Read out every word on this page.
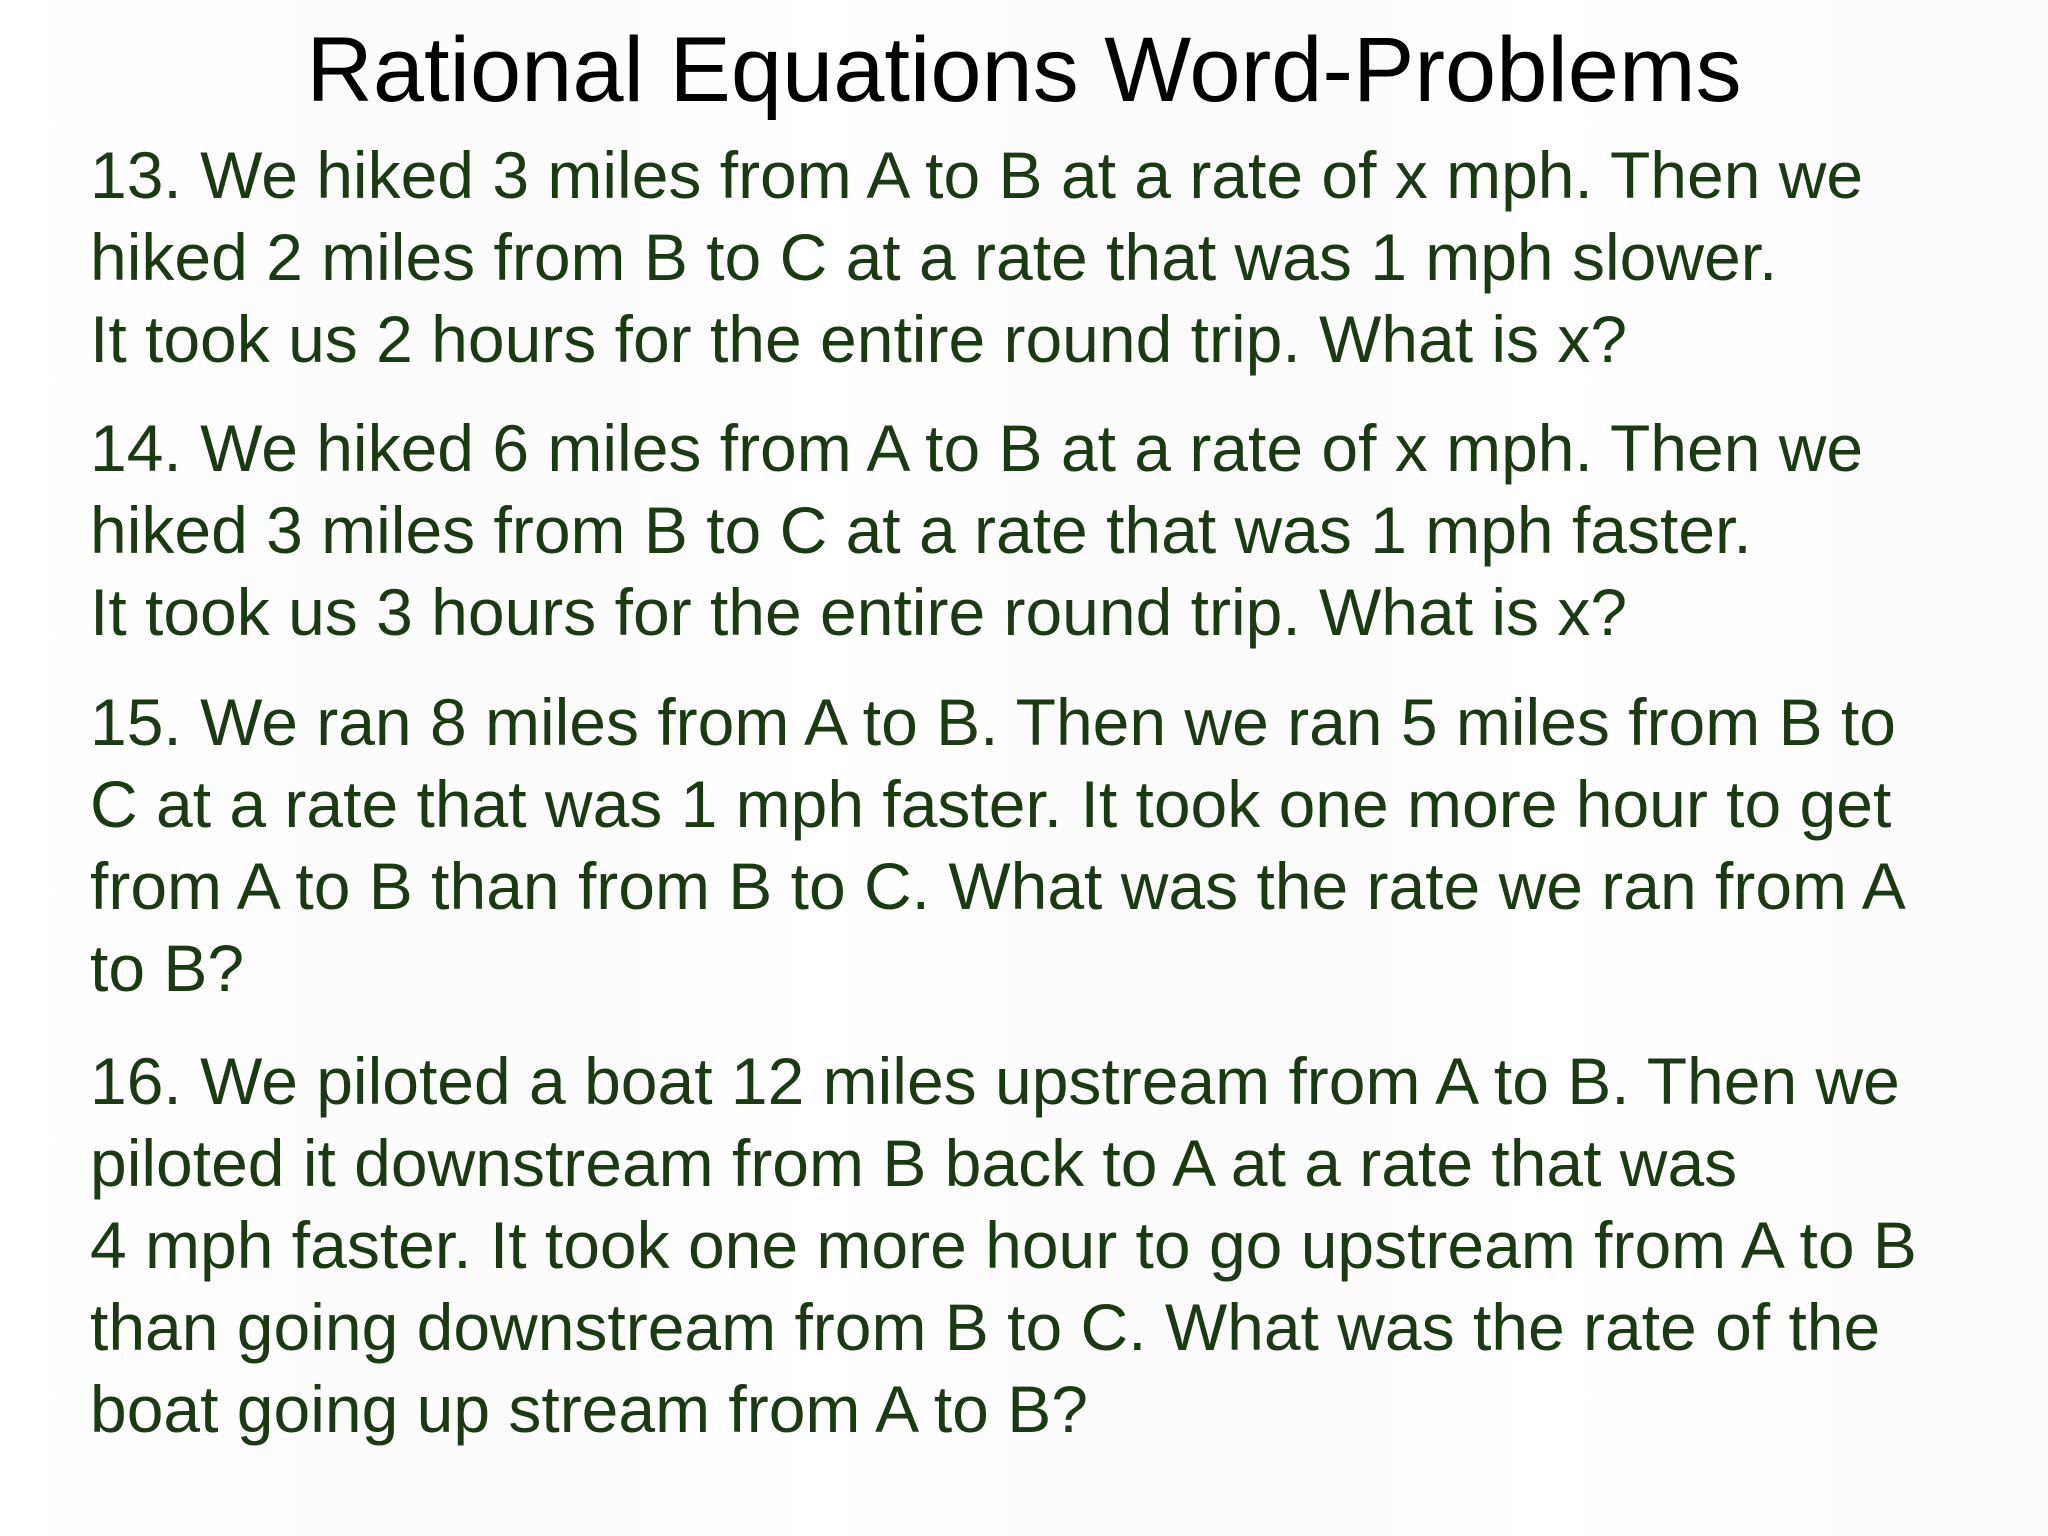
Rational Equations Word-Problems
13. We hiked 3 miles from A to B at a rate of x mph. Then we
hiked 2 miles from B to C at a rate that was 1 mph slower.
It took us 2 hours for the entire round trip. What is x?
14. We hiked 6 miles from A to B at a rate of x mph. Then we
hiked 3 miles from B to C at a rate that was 1 mph faster.
It took us 3 hours for the entire round trip. What is x?
15. We ran 8 miles from A to B. Then we ran 5 miles from B to
C at a rate that was 1 mph faster. It took one more hour to get
from A to B than from B to C. What was the rate we ran from A
to B?
16. We piloted a boat 12 miles upstream from A to B. Then we
piloted it downstream from B back to A at a rate that was
4 mph faster. It took one more hour to go upstream from A to B
than going downstream from B to C. What was the rate of the
boat going up stream from A to B?
